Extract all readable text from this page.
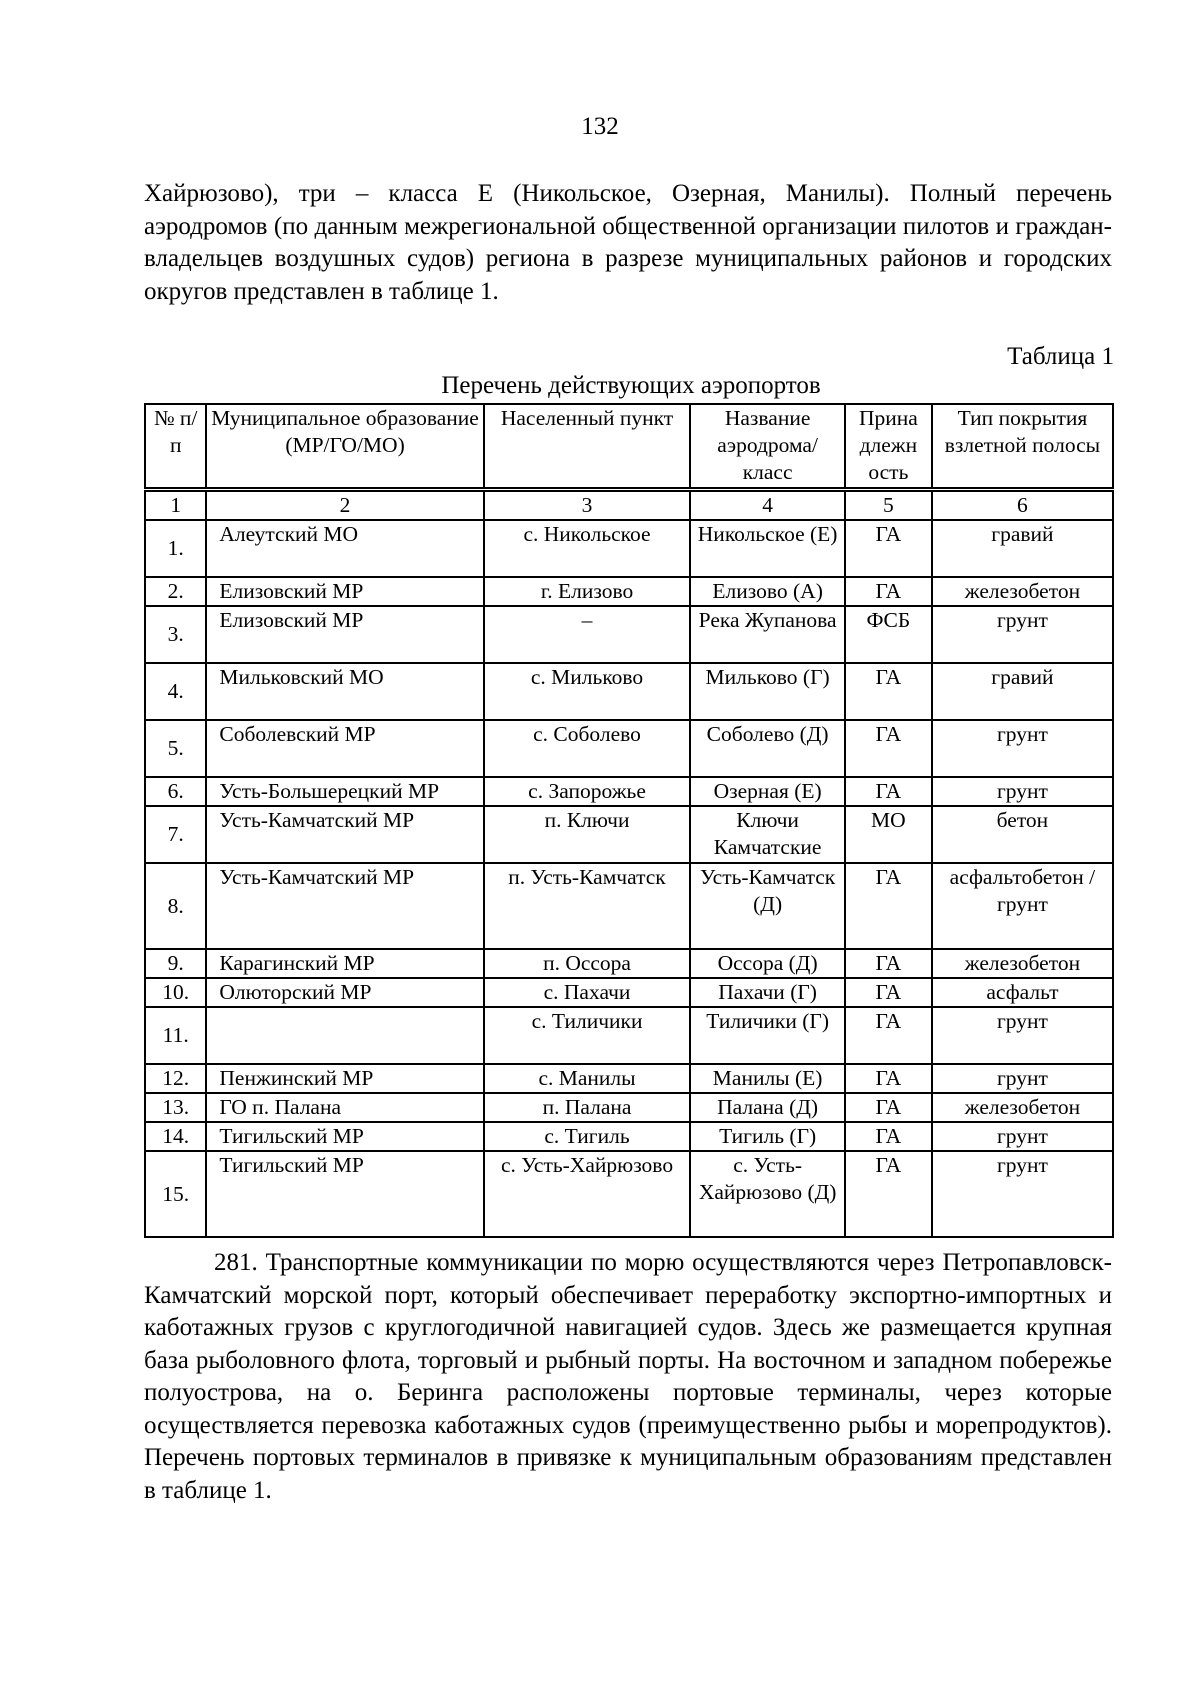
132

Хайрюзово), три – класса Е (Никольское, Озерная, Манилы). Полный перечень аэродромов (по данным межрегиональной общественной организации пилотов и граждан-владельцев воздушных судов) региона в разрезе муниципальных районов и городских округов представлен в таблице 1.

Таблица 1
Перечень действующих аэропортов
№ п/п	Муниципальное образование (МР/ГО/МО)	Населенный пункт	Название аэродрома/ класс	Прина длежн ость	Тип покрытия взлетной полосы
1	2	3	4	5	6
1.	Алеутский МО	с. Никольское	Никольское (Е)	ГА	гравий
2.	Елизовский МР	г. Елизово	Елизово (А)	ГА	железобетон
3.	Елизовский МР	–	Река Жупанова	ФСБ	грунт
4.	Мильковский МО	с. Мильково	Мильково (Г)	ГА	гравий
5.	Соболевский МР	с. Соболево	Соболево (Д)	ГА	грунт
6.	Усть-Большерецкий МР	с. Запорожье	Озерная (Е)	ГА	грунт
7.	Усть-Камчатский МР	п. Ключи	Ключи Камчатские	МО	бетон
8.	Усть-Камчатский МР	п. Усть-Камчатск	Усть-Камчатск (Д)	ГА	асфальтобетон /грунт
9.	Карагинский МР	п. Оссора	Оссора (Д)	ГА	железобетон
10.	Олюторский МР	с. Пахачи	Пахачи (Г)	ГА	асфальт
11.		с. Тиличики	Тиличики (Г)	ГА	грунт
12.	Пенжинский МР	с. Манилы	Манилы (Е)	ГА	грунт
13.	ГО п. Палана	п. Палана	Палана (Д)	ГА	железобетон
14.	Тигильский МР	с. Тигиль	Тигиль (Г)	ГА	грунт
15.	Тигильский МР	с. Усть-Хайрюзово	с. Усть-Хайрюзово (Д)	ГА	грунт

281. Транспортные коммуникации по морю осуществляются через Петропавловск-Камчатский морской порт, который обеспечивает переработку экспортно-импортных и каботажных грузов с круглогодичной навигацией судов. Здесь же размещается крупная база рыболовного флота, торговый и рыбный порты. На восточном и западном побережье полуострова, на о. Беринга расположены портовые терминалы, через которые осуществляется перевозка каботажных судов (преимущественно рыбы и морепродуктов). Перечень портовых терминалов в привязке к муниципальным образованиям представлен в таблице 1.
